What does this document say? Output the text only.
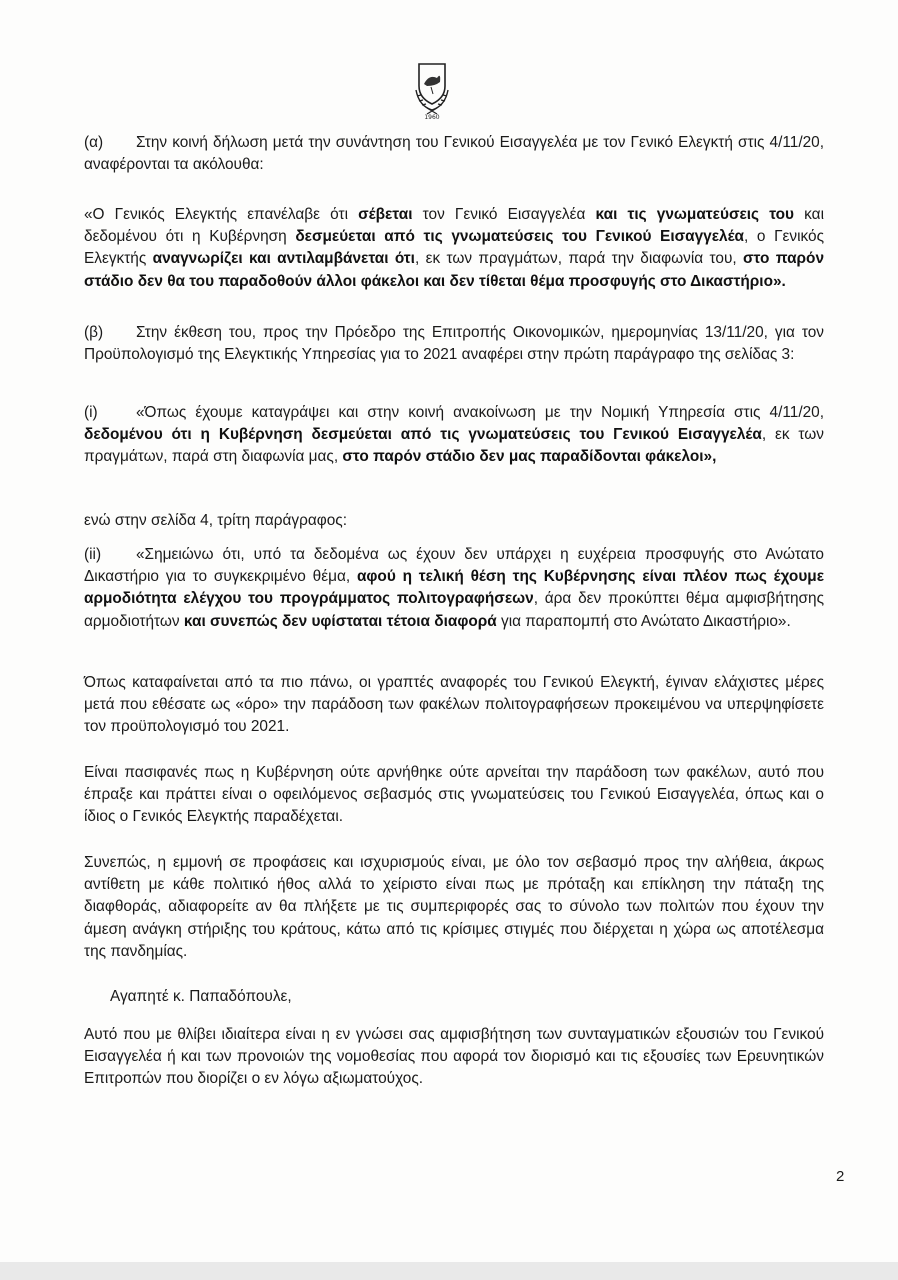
1960
(α) Στην κοινή δήλωση μετά την συνάντηση του Γενικού Εισαγγελέα με τον Γενικό Ελεγκτή στις 4/11/20, αναφέρονται τα ακόλουθα:
«Ο Γενικός Ελεγκτής επανέλαβε ότι σέβεται τον Γενικό Εισαγγελέα και τις γνωματεύσεις του και δεδομένου ότι η Κυβέρνηση δεσμεύεται από τις γνωματεύσεις του Γενικού Εισαγγελέα, ο Γενικός Ελεγκτής αναγνωρίζει και αντιλαμβάνεται ότι, εκ των πραγμάτων, παρά την διαφωνία του, στο παρόν στάδιο δεν θα του παραδοθούν άλλοι φάκελοι και δεν τίθεται θέμα προσφυγής στο Δικαστήριο».
(β) Στην έκθεση του, προς την Πρόεδρο της Επιτροπής Οικονομικών, ημερομηνίας 13/11/20, για τον Προϋπολογισμό της Ελεγκτικής Υπηρεσίας για το 2021 αναφέρει στην πρώτη παράγραφο της σελίδας 3:
(i) «Όπως έχουμε καταγράψει και στην κοινή ανακοίνωση με την Νομική Υπηρεσία στις 4/11/20, δεδομένου ότι η Κυβέρνηση δεσμεύεται από τις γνωματεύσεις του Γενικού Εισαγγελέα, εκ των πραγμάτων, παρά στη διαφωνία μας, στο παρόν στάδιο δεν μας παραδίδονται φάκελοι»,
ενώ στην σελίδα 4, τρίτη παράγραφος:
(ii) «Σημειώνω ότι, υπό τα δεδομένα ως έχουν δεν υπάρχει η ευχέρεια προσφυγής στο Ανώτατο Δικαστήριο για το συγκεκριμένο θέμα, αφού η τελική θέση της Κυβέρνησης είναι πλέον πως έχουμε αρμοδιότητα ελέγχου του προγράμματος πολιτογραφήσεων, άρα δεν προκύπτει θέμα αμφισβήτησης αρμοδιοτήτων και συνεπώς δεν υφίσταται τέτοια διαφορά για παραπομπή στο Ανώτατο Δικαστήριο».
Όπως καταφαίνεται από τα πιο πάνω, οι γραπτές αναφορές του Γενικού Ελεγκτή, έγιναν ελάχιστες μέρες μετά που εθέσατε ως «όρο» την παράδοση των φακέλων πολιτογραφήσεων προκειμένου να υπερψηφίσετε τον προϋπολογισμό του 2021.
Είναι πασιφανές πως η Κυβέρνηση ούτε αρνήθηκε ούτε αρνείται την παράδοση των φακέλων, αυτό που έπραξε και πράττει είναι ο οφειλόμενος σεβασμός στις γνωματεύσεις του Γενικού Εισαγγελέα, όπως και ο ίδιος ο Γενικός Ελεγκτής παραδέχεται.
Συνεπώς, η εμμονή σε προφάσεις και ισχυρισμούς είναι, με όλο τον σεβασμό προς την αλήθεια, άκρως αντίθετη με κάθε πολιτικό ήθος αλλά το χείριστο είναι πως με πρόταξη και επίκληση την πάταξη της διαφθοράς, αδιαφορείτε αν θα πλήξετε με τις συμπεριφορές σας το σύνολο των πολιτών που έχουν την άμεση ανάγκη στήριξης του κράτους, κάτω από τις κρίσιμες στιγμές που διέρχεται η χώρα ως αποτέλεσμα της πανδημίας.
Αγαπητέ κ. Παπαδόπουλε,
Αυτό που με θλίβει ιδιαίτερα είναι η εν γνώσει σας αμφισβήτηση των συνταγματικών εξουσιών του Γενικού Εισαγγελέα ή και των προνοιών της νομοθεσίας που αφορά τον διορισμό και τις εξουσίες των Ερευνητικών Επιτροπών που διορίζει ο εν λόγω αξιωματούχος.
2
